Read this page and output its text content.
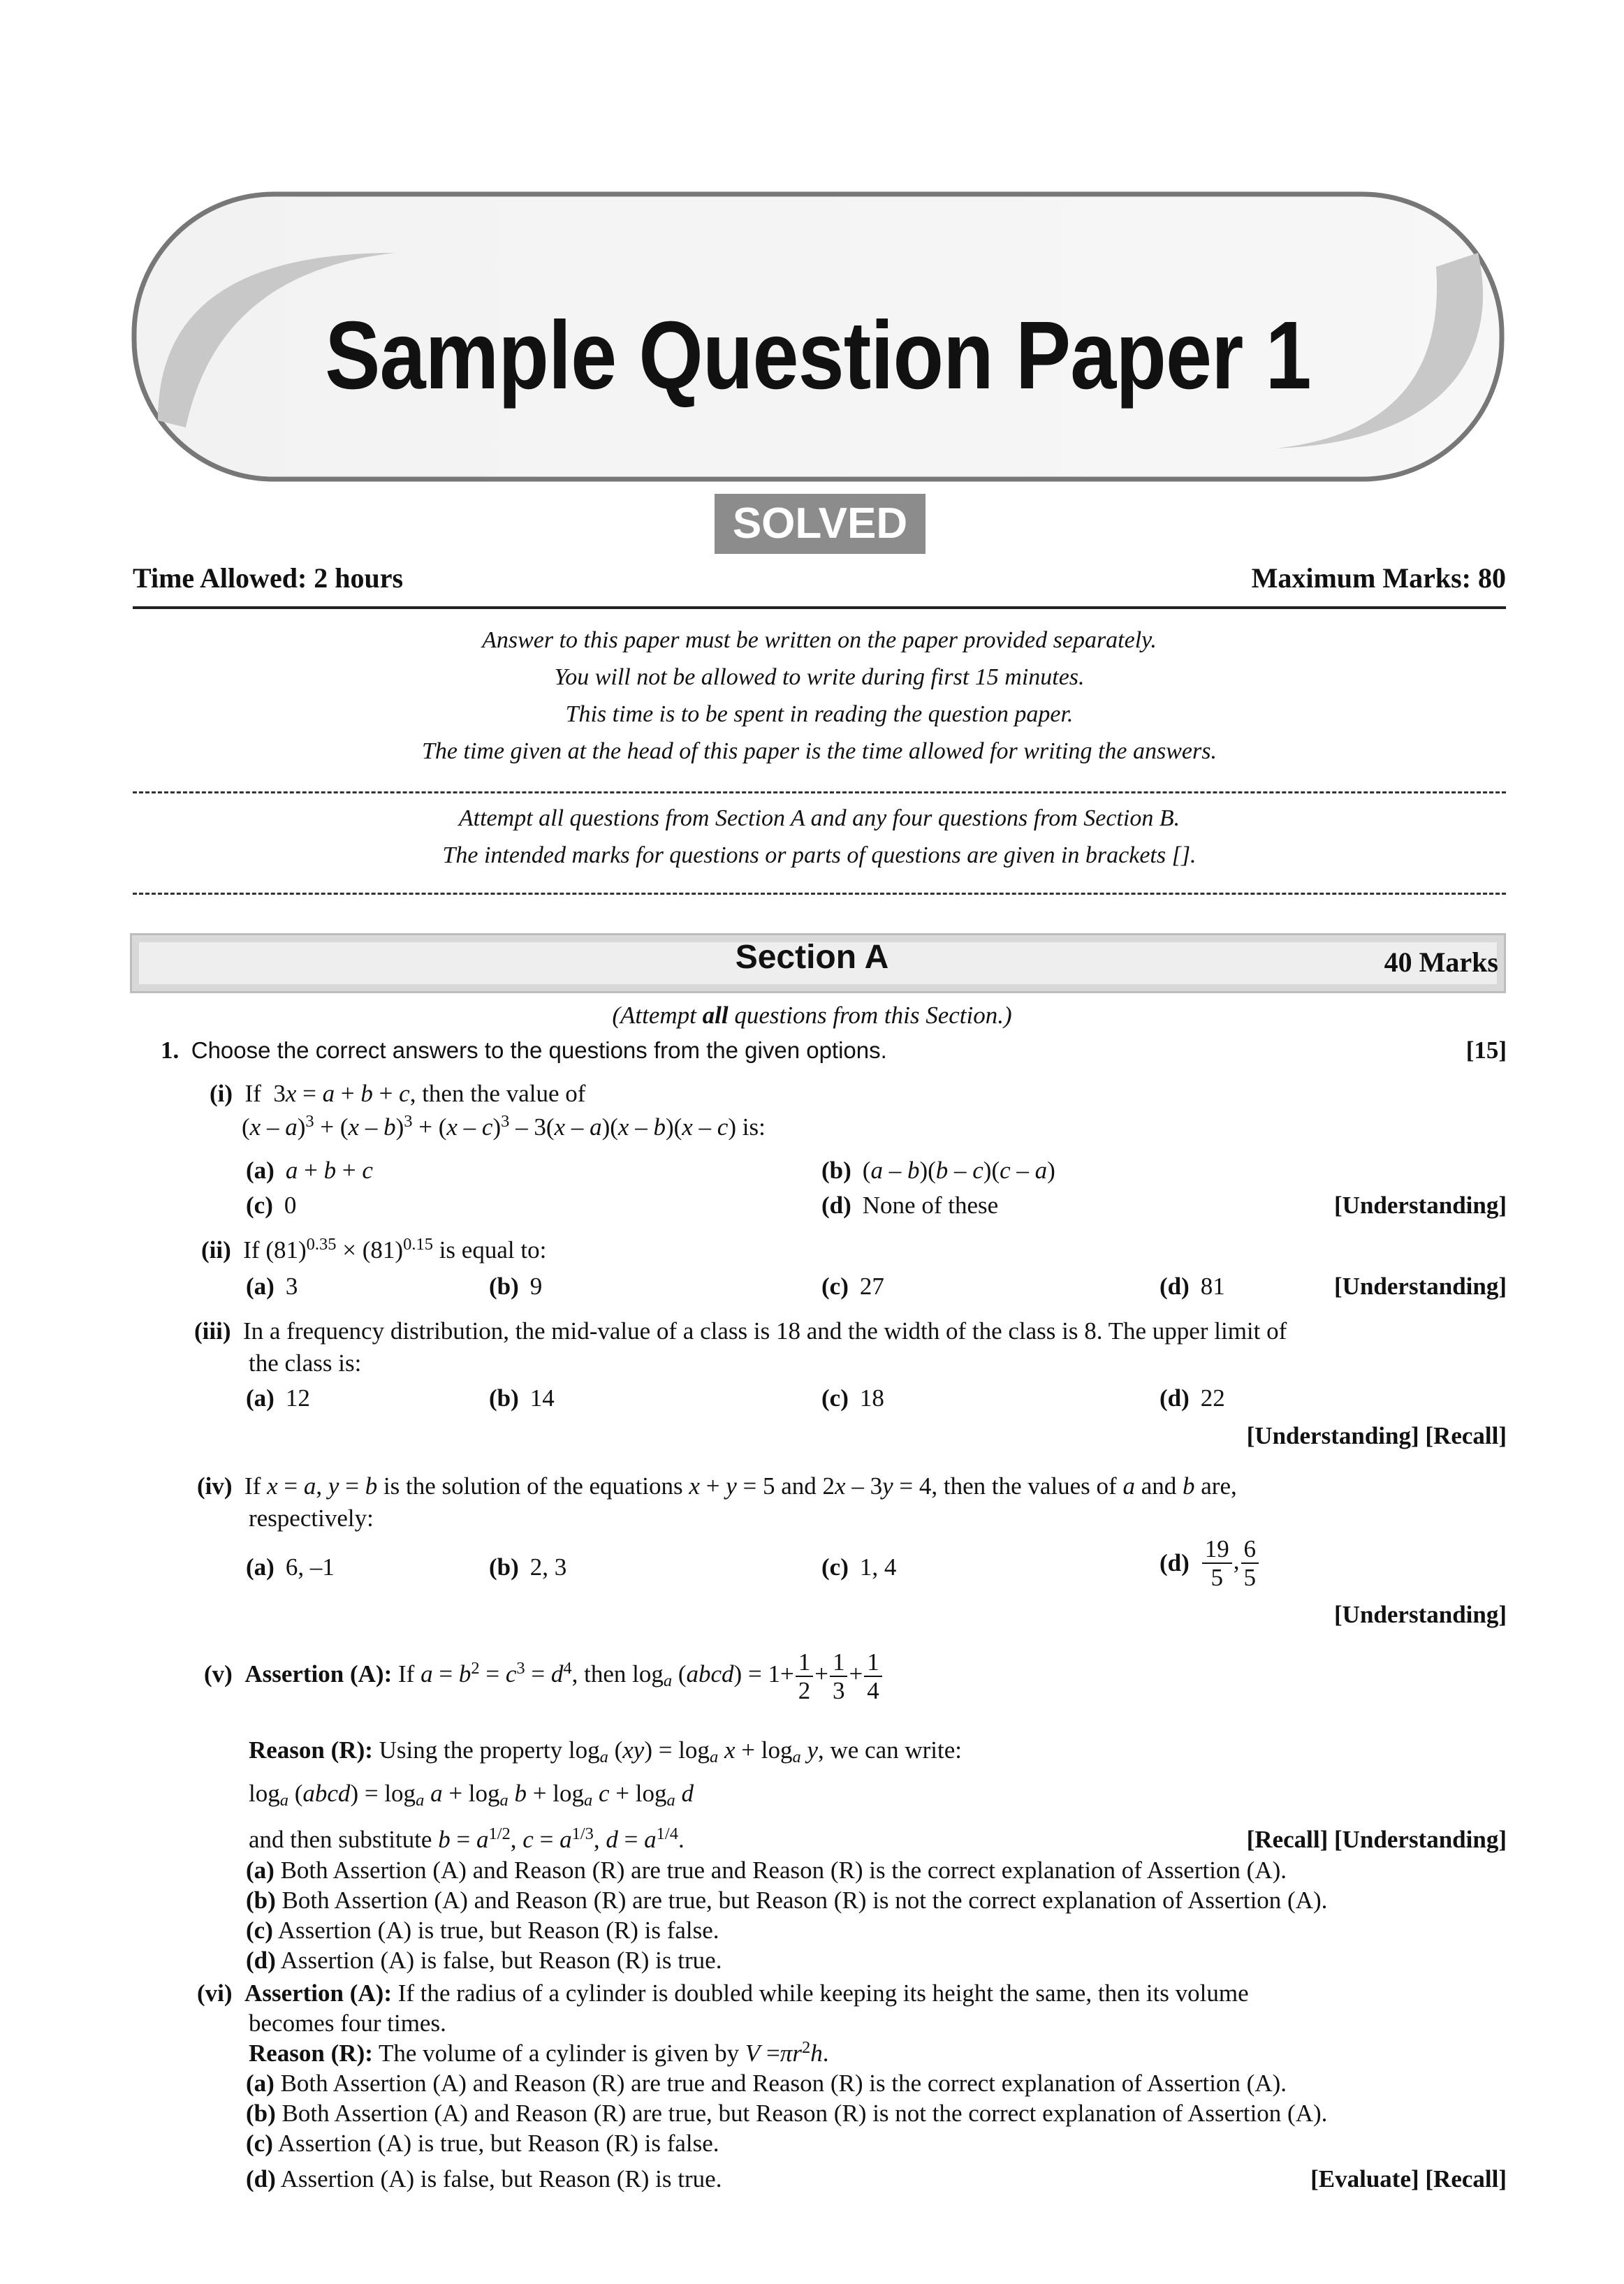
Sample Question Paper 1
SOLVED
Time Allowed: 2 hours	Maximum Marks: 80
Answer to this paper must be written on the paper provided separately.
You will not be allowed to write during first 15 minutes.
This time is to be spent in reading the question paper.
The time given at the head of this paper is the time allowed for writing the answers.
Attempt all questions from Section A and any four questions from Section B.
The intended marks for questions or parts of questions are given in brackets [].
Section A	40 Marks
(Attempt all questions from this Section.)
1. Choose the correct answers to the questions from the given options.	[15]
(i)  If  3x = a + b + c, then the value of
(x – a)$^3$ + (x – b)$^3$ + (x – c)$^3$ – 3(x – a)(x – b)(x – c) is:
(a) a + b + c	(b) (a – b)(b – c)(c – a)
(c) 0	(d) None of these	[Understanding]
(ii)  If $(81)^{0.35} \times (81)^{0.15}$ is equal to:
(a) 3	(b) 9	(c) 27	(d) 81	[Understanding]
(iii) In a frequency distribution, the mid-value of a class is 18 and the width of the class is 8. The upper limit of
the class is:
(a) 12	(b) 14	(c) 18	(d) 22
[Understanding] [Recall]
(iv)  If x = a, y = b is the solution of the equations x + y = 5 and 2x – 3y = 4, then the values of a and b are,
respectively:
(a) 6, –1	(b) 2, 3	(c) 1, 4	$(d) \frac{19}{5}$ , $\frac{6}{5}$
[Understanding]
(v) Assertion (A): If $a = b^2 = c^3 = d^4$, then $\log_a$ (abcd) = $1+ \frac{1}{2} + \frac{1}{3} + \frac{1}{4}$
Reason (R): Using the property $\log_a (xy) = \log_a x + \log_a y$, we can write:
$\log_a$ (abcd) = $\log_a a + \log_a b + \log_a c + \log_a d$
and then substitute $b = a^{1/2}$, $c = a^{1/3}$, $d = a^{1/4}$.	[Recall] [Understanding]
(a) Both Assertion (A) and Reason (R) are true and Reason (R) is the correct explanation of Assertion (A).
(b) Both Assertion (A) and Reason (R) are true, but Reason (R) is not the correct explanation of Assertion (A).
(c) Assertion (A) is true, but Reason (R) is false.
(d) Assertion (A) is false, but Reason (R) is true.
(vi) Assertion (A): If the radius of a cylinder is doubled while keeping its height the same, then its volume
becomes four times.
Reason (R): The volume of a cylinder is given by $V =\pi r^2h$.
(a) Both Assertion (A) and Reason (R) are true and Reason (R) is the correct explanation of Assertion (A).
(b) Both Assertion (A) and Reason (R) are true, but Reason (R) is not the correct explanation of Assertion (A).
(c) Assertion (A) is true, but Reason (R) is false.
(d) Assertion (A) is false, but Reason (R) is true.	[Evaluate] [Recall]
